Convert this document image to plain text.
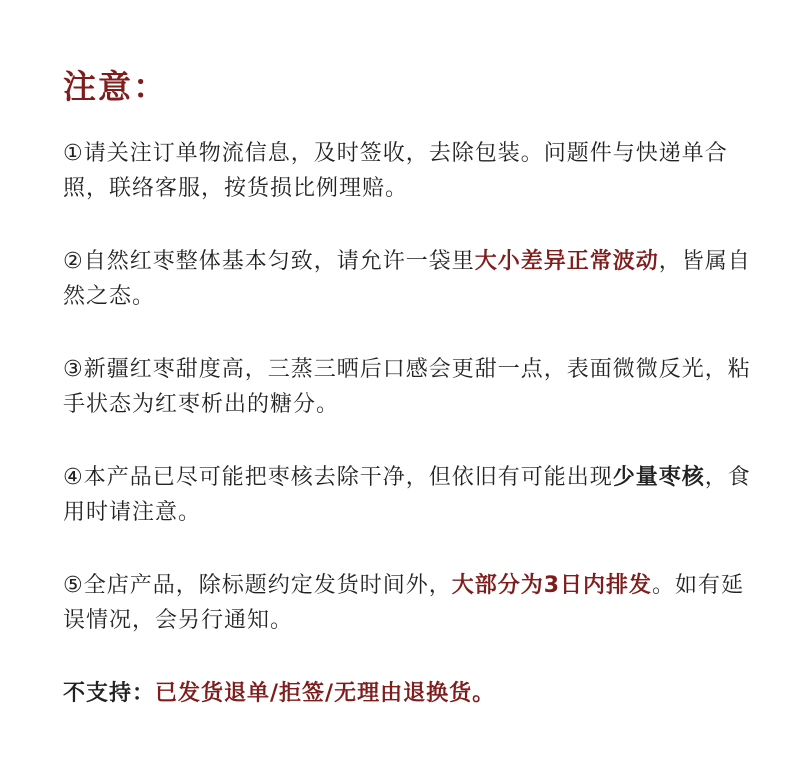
注意：

①请关注订单物流信息，及时签收，去除包装。问题件与快递单合照，联络客服，按货损比例理赔。

②自然红枣整体基本匀致，请允许一袋里大小差异正常波动，皆属自然之态。

③新疆红枣甜度高，三蒸三晒后口感会更甜一点，表面微微反光，粘手状态为红枣析出的糖分。

④本产品已尽可能把枣核去除干净，但依旧有可能出现少量枣核，食用时请注意。

⑤全店产品，除标题约定发货时间外，大部分为3日内排发。如有延误情况，会另行通知。

不支持：已发货退单/拒签/无理由退换货。
